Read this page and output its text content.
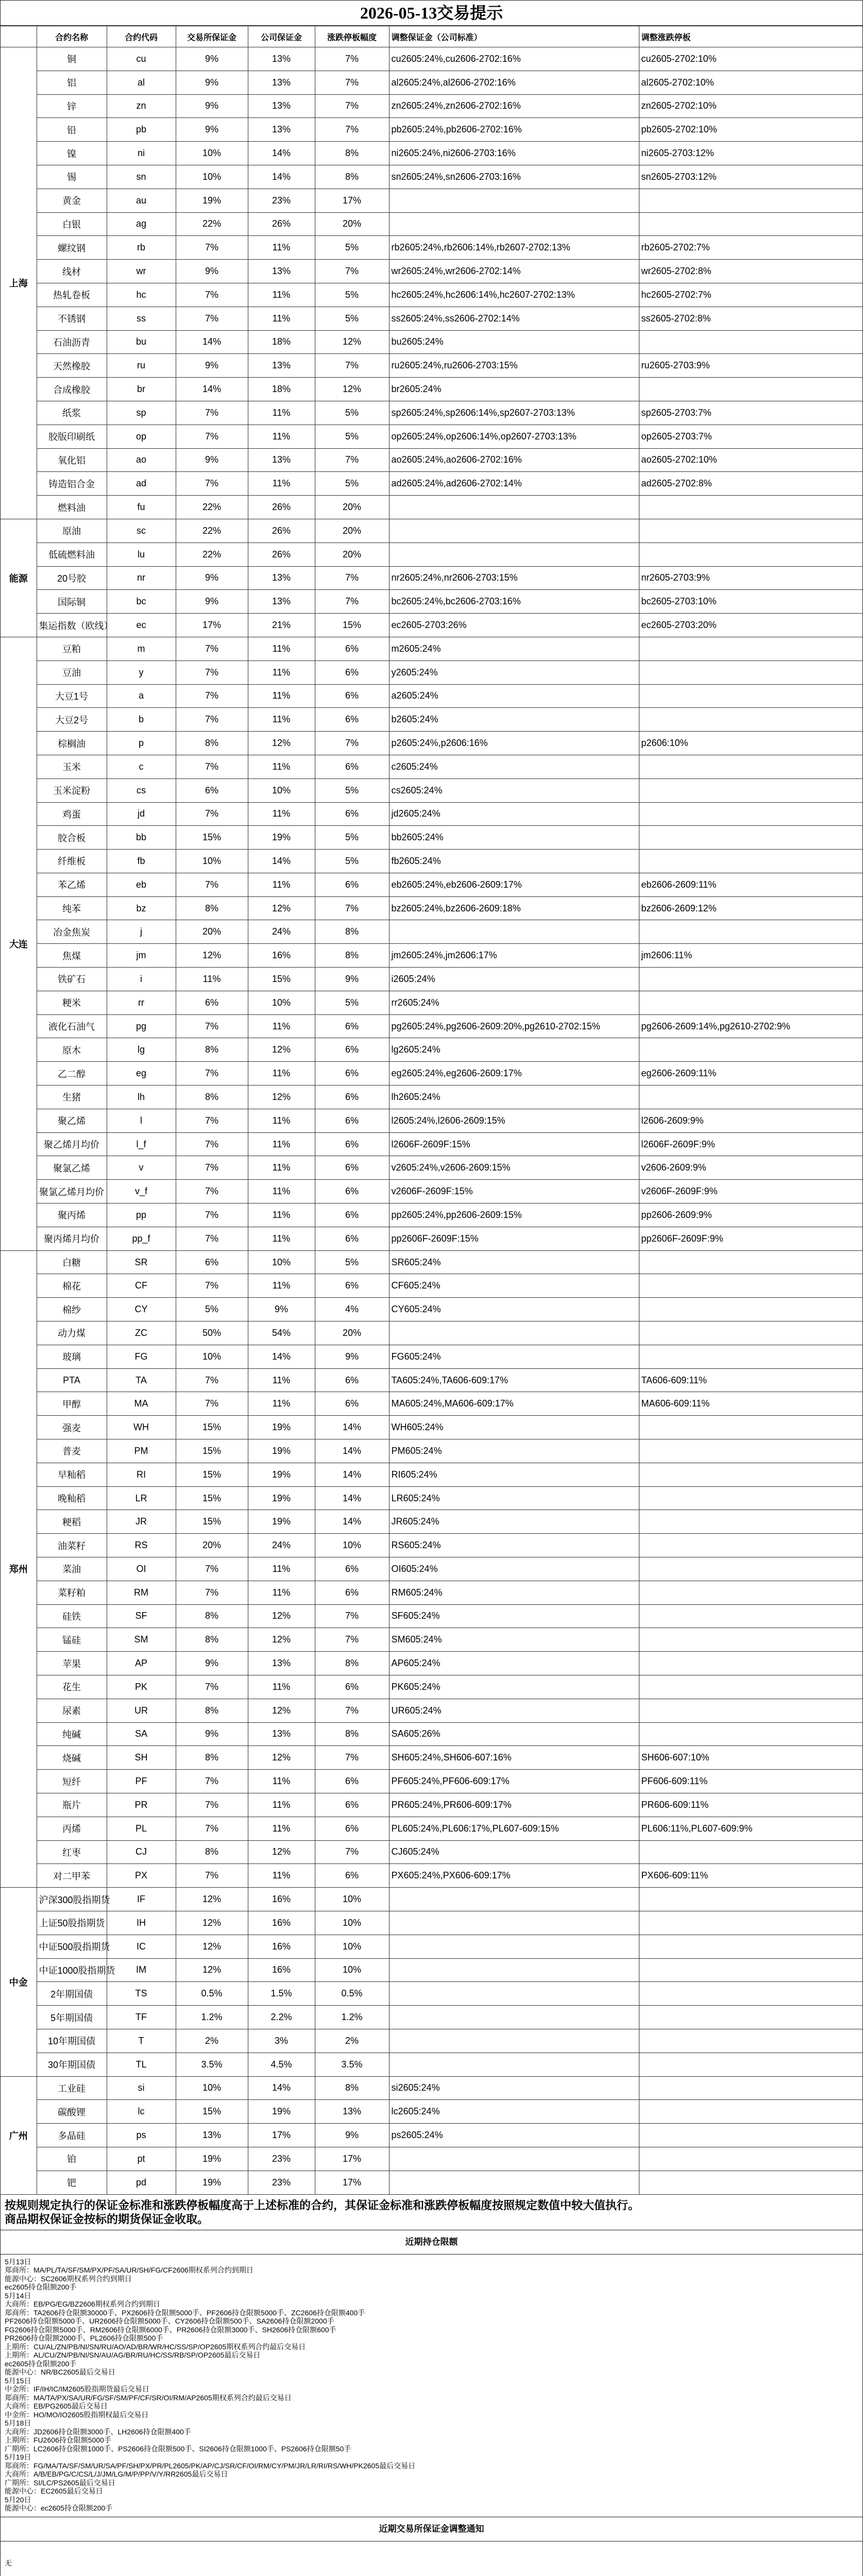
2026-05-13交易提示
	合约名称	合约代码	交易所保证金	公司保证金	涨跌停板幅度	调整保证金（公司标准）	调整涨跌停板
上海	铜	cu	9%	13%	7%	cu2605:24%,cu2606-2702:16%	cu2605-2702:10%
	铝	al	9%	13%	7%	al2605:24%,al2606-2702:16%	al2605-2702:10%
	锌	zn	9%	13%	7%	zn2605:24%,zn2606-2702:16%	zn2605-2702:10%
	铅	pb	9%	13%	7%	pb2605:24%,pb2606-2702:16%	pb2605-2702:10%
	镍	ni	10%	14%	8%	ni2605:24%,ni2606-2703:16%	ni2605-2703:12%
	锡	sn	10%	14%	8%	sn2605:24%,sn2606-2703:16%	sn2605-2703:12%
	黄金	au	19%	23%	17%		
	白银	ag	22%	26%	20%		
	螺纹钢	rb	7%	11%	5%	rb2605:24%,rb2606:14%,rb2607-2702:13%	rb2605-2702:7%
	线材	wr	9%	13%	7%	wr2605:24%,wr2606-2702:14%	wr2605-2702:8%
	热轧卷板	hc	7%	11%	5%	hc2605:24%,hc2606:14%,hc2607-2702:13%	hc2605-2702:7%
	不锈钢	ss	7%	11%	5%	ss2605:24%,ss2606-2702:14%	ss2605-2702:8%
	石油沥青	bu	14%	18%	12%	bu2605:24%	
	天然橡胶	ru	9%	13%	7%	ru2605:24%,ru2606-2703:15%	ru2605-2703:9%
	合成橡胶	br	14%	18%	12%	br2605:24%	
	纸浆	sp	7%	11%	5%	sp2605:24%,sp2606:14%,sp2607-2703:13%	sp2605-2703:7%
	胶版印刷纸	op	7%	11%	5%	op2605:24%,op2606:14%,op2607-2703:13%	op2605-2703:7%
	氧化铝	ao	9%	13%	7%	ao2605:24%,ao2606-2702:16%	ao2605-2702:10%
	铸造铝合金	ad	7%	11%	5%	ad2605:24%,ad2606-2702:14%	ad2605-2702:8%
	燃料油	fu	22%	26%	20%		
能源	原油	sc	22%	26%	20%		
	低硫燃料油	lu	22%	26%	20%		
	20号胶	nr	9%	13%	7%	nr2605:24%,nr2606-2703:15%	nr2605-2703:9%
	国际铜	bc	9%	13%	7%	bc2605:24%,bc2606-2703:16%	bc2605-2703:10%
	集运指数（欧线）	ec	17%	21%	15%	ec2605-2703:26%	ec2605-2703:20%
大连	豆粕	m	7%	11%	6%	m2605:24%	
	豆油	y	7%	11%	6%	y2605:24%	
	大豆1号	a	7%	11%	6%	a2605:24%	
	大豆2号	b	7%	11%	6%	b2605:24%	
	棕榈油	p	8%	12%	7%	p2605:24%,p2606:16%	p2606:10%
	玉米	c	7%	11%	6%	c2605:24%	
	玉米淀粉	cs	6%	10%	5%	cs2605:24%	
	鸡蛋	jd	7%	11%	6%	jd2605:24%	
	胶合板	bb	15%	19%	5%	bb2605:24%	
	纤维板	fb	10%	14%	5%	fb2605:24%	
	苯乙烯	eb	7%	11%	6%	eb2605:24%,eb2606-2609:17%	eb2606-2609:11%
	纯苯	bz	8%	12%	7%	bz2605:24%,bz2606-2609:18%	bz2606-2609:12%
	冶金焦炭	j	20%	24%	8%		
	焦煤	jm	12%	16%	8%	jm2605:24%,jm2606:17%	jm2606:11%
	铁矿石	i	11%	15%	9%	i2605:24%	
	粳米	rr	6%	10%	5%	rr2605:24%	
	液化石油气	pg	7%	11%	6%	pg2605:24%,pg2606-2609:20%,pg2610-2702:15%	pg2606-2609:14%,pg2610-2702:9%
	原木	lg	8%	12%	6%	lg2605:24%	
	乙二醇	eg	7%	11%	6%	eg2605:24%,eg2606-2609:17%	eg2606-2609:11%
	生猪	lh	8%	12%	6%	lh2605:24%	
	聚乙烯	l	7%	11%	6%	l2605:24%,l2606-2609:15%	l2606-2609:9%
	聚乙烯月均价	l_f	7%	11%	6%	l2606F-2609F:15%	l2606F-2609F:9%
	聚氯乙烯	v	7%	11%	6%	v2605:24%,v2606-2609:15%	v2606-2609:9%
	聚氯乙烯月均价	v_f	7%	11%	6%	v2606F-2609F:15%	v2606F-2609F:9%
	聚丙烯	pp	7%	11%	6%	pp2605:24%,pp2606-2609:15%	pp2606-2609:9%
	聚丙烯月均价	pp_f	7%	11%	6%	pp2606F-2609F:15%	pp2606F-2609F:9%
郑州	白糖	SR	6%	10%	5%	SR605:24%	
	棉花	CF	7%	11%	6%	CF605:24%	
	棉纱	CY	5%	9%	4%	CY605:24%	
	动力煤	ZC	50%	54%	20%		
	玻璃	FG	10%	14%	9%	FG605:24%	
	PTA	TA	7%	11%	6%	TA605:24%,TA606-609:17%	TA606-609:11%
	甲醇	MA	7%	11%	6%	MA605:24%,MA606-609:17%	MA606-609:11%
	强麦	WH	15%	19%	14%	WH605:24%	
	普麦	PM	15%	19%	14%	PM605:24%	
	早籼稻	RI	15%	19%	14%	RI605:24%	
	晚籼稻	LR	15%	19%	14%	LR605:24%	
	粳稻	JR	15%	19%	14%	JR605:24%	
	油菜籽	RS	20%	24%	10%	RS605:24%	
	菜油	OI	7%	11%	6%	OI605:24%	
	菜籽粕	RM	7%	11%	6%	RM605:24%	
	硅铁	SF	8%	12%	7%	SF605:24%	
	锰硅	SM	8%	12%	7%	SM605:24%	
	苹果	AP	9%	13%	8%	AP605:24%	
	花生	PK	7%	11%	6%	PK605:24%	
	尿素	UR	8%	12%	7%	UR605:24%	
	纯碱	SA	9%	13%	8%	SA605:26%	
	烧碱	SH	8%	12%	7%	SH605:24%,SH606-607:16%	SH606-607:10%
	短纤	PF	7%	11%	6%	PF605:24%,PF606-609:17%	PF606-609:11%
	瓶片	PR	7%	11%	6%	PR605:24%,PR606-609:17%	PR606-609:11%
	丙烯	PL	7%	11%	6%	PL605:24%,PL606:17%,PL607-609:15%	PL606:11%,PL607-609:9%
	红枣	CJ	8%	12%	7%	CJ605:24%	
	对二甲苯	PX	7%	11%	6%	PX605:24%,PX606-609:17%	PX606-609:11%
中金	沪深300股指期货	IF	12%	16%	10%		
	上证50股指期货	IH	12%	16%	10%		
	中证500股指期货	IC	12%	16%	10%		
	中证1000股指期货	IM	12%	16%	10%		
	2年期国债	TS	0.5%	1.5%	0.5%		
	5年期国债	TF	1.2%	2.2%	1.2%		
	10年期国债	T	2%	3%	2%		
	30年期国债	TL	3.5%	4.5%	3.5%		
广州	工业硅	si	10%	14%	8%	si2605:24%	
	碳酸锂	lc	15%	19%	13%	lc2605:24%	
	多晶硅	ps	13%	17%	9%	ps2605:24%	
	铂	pt	19%	23%	17%		
	钯	pd	19%	23%	17%		
按规则规定执行的保证金标准和涨跌停板幅度高于上述标准的合约，其保证金标准和涨跌停板幅度按照规定数值中较大值执行。
商品期权保证金按标的期货保证金收取。
近期持仓限额

5月13日

郑商所：MA/PL/TA/SF/SM/PX/PF/SA/UR/SH/FG/CF2606期权系列合约到期日

能源中心：SC2606期权系列合约到期日

ec2605持仓限额200手

5月14日

大商所：EB/PG/EG/BZ2606期权系列合约到期日

郑商所：TA2606持仓限额30000手、PX2606持仓限额5000手、PF2606持仓限额5000手、ZC2606持仓限额400手

PF2606持仓限额5000手、UR2606持仓限额5000手、CY2606持仓限额500手、SA2606持仓限额2000手

FG2606持仓限额5000手、RM2606持仓限额6000手、PR2606持仓限额3000手、SH2606持仓限额600手

PR2606持仓限额2000手、PL2606持仓限额500手

上期所：CU/AL/ZN/PB/NI/SN/RU/AO/AD/BR/WR/HC/SS/SP/OP2605期权系列合约最后交易日

上期所：AL/CU/ZN/PB/NI/SN/AU/AG/BR/RU/HC/SS/RB/SP/OP2605最后交易日

ec2605持仓限额200手

能源中心：NR/BC2605最后交易日

5月15日

中金所：IF/IH/IC/IM2605股指期货最后交易日

郑商所：MA/TA/PX/SA/UR/FG/SF/SM/PF/CF/SR/OI/RM/AP2605期权系列合约最后交易日

大商所：EB/PG2605最后交易日

中金所：HO/MO/IO2605股指期权最后交易日

5月18日

大商所：JD2606持仓限额3000手、LH2606持仓限额400手

上期所：FU2606持仓限额5000手

广期所：LC2606持仓限额1000手、PS2606持仓限额500手、SI2606持仓限额1000手、PS2606持仓限额50手

5月19日

郑商所：FG/MA/TA/SF/SM/UR/SA/PF/SH/PX/PR/PL2605/PK/AP/CJ/SR/CF/OI/RM/CY/PM/JR/LR/RI/RS/WH/PK2605最后交易日

大商所：A/B/EB/PG/C/CS/L/J/JM/LG/M/P/PP/V/Y/RR2605最后交易日

广期所：SI/LC/PS2605最后交易日

能源中心：EC2605最后交易日

5月20日

能源中心：ec2605持仓限额200手

近期交易所保证金调整通知

无
